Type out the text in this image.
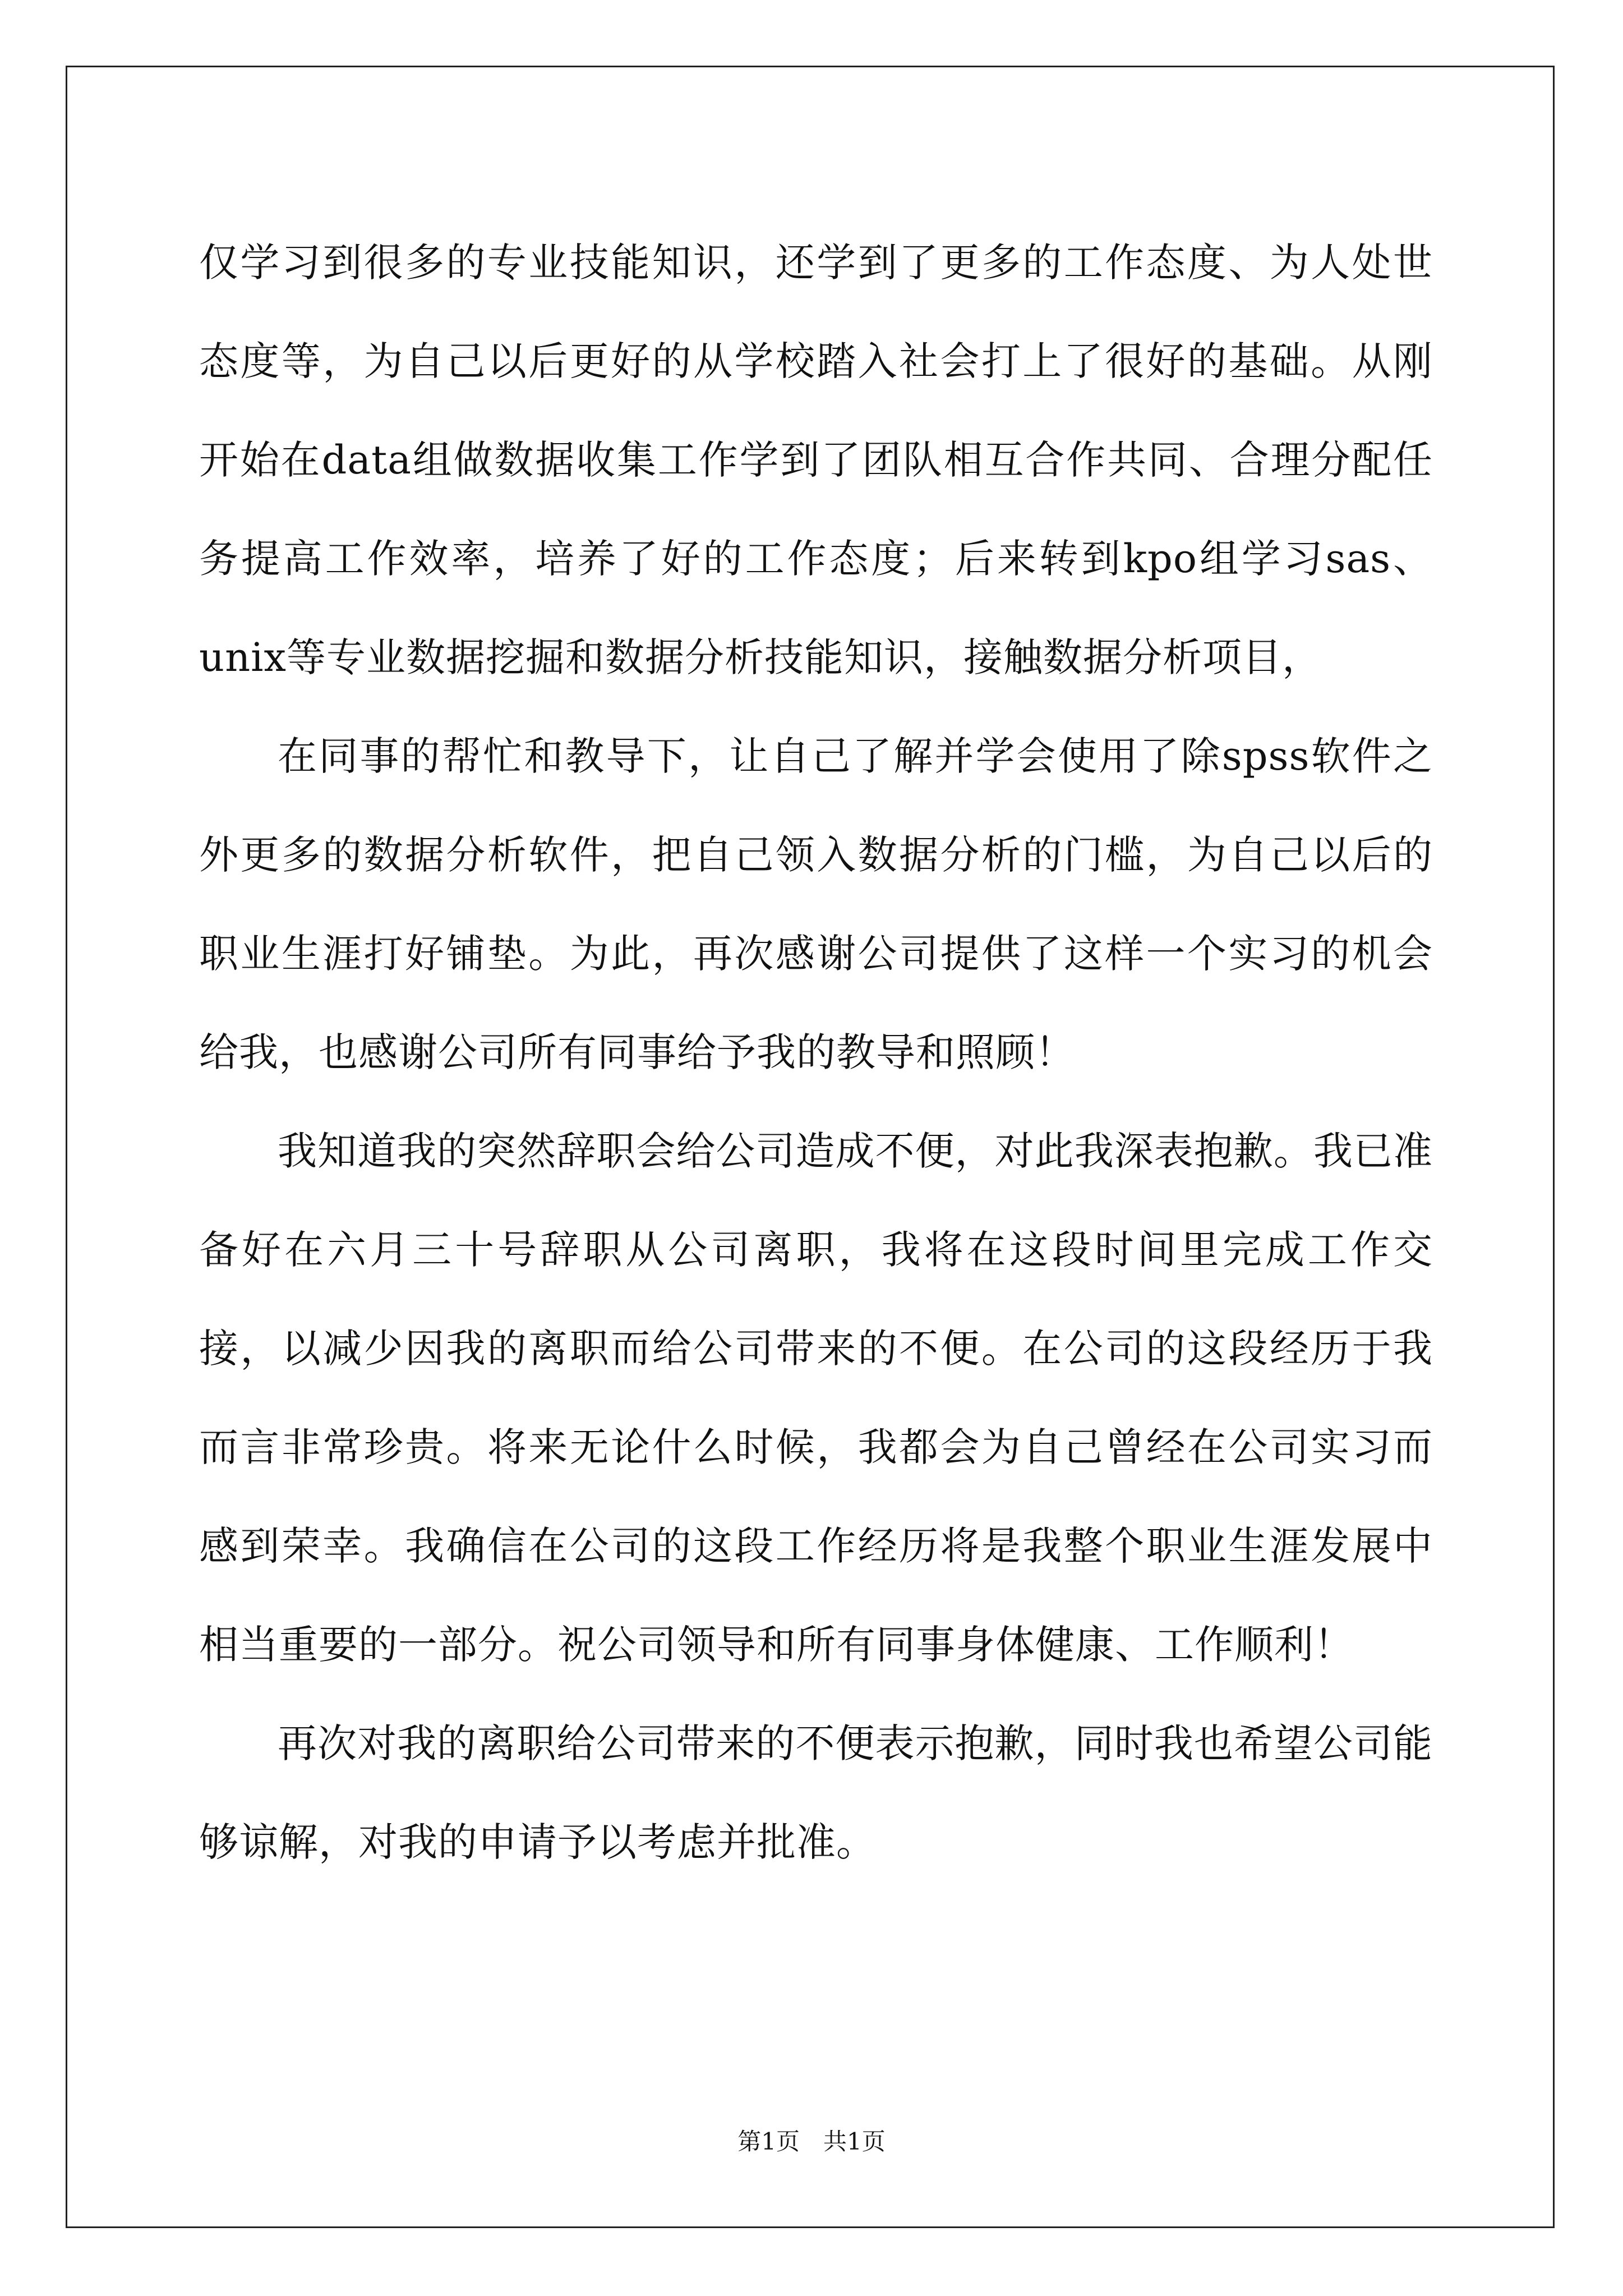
仅学习到很多的专业技能知识，还学到了更多的工作态度、为人处世态度等，为自己以后更好的从学校踏入社会打上了很好的基础。从刚开始在data组做数据收集工作学到了团队相互合作共同、合理分配任务提高工作效率，培养了好的工作态度；后来转到kpo组学习sas、unix等专业数据挖掘和数据分析技能知识，接触数据分析项目，

在同事的帮忙和教导下，让自己了解并学会使用了除spss软件之外更多的数据分析软件，把自己领入数据分析的门槛，为自己以后的职业生涯打好铺垫。为此，再次感谢公司提供了这样一个实习的机会给我，也感谢公司所有同事给予我的教导和照顾！

我知道我的突然辞职会给公司造成不便，对此我深表抱歉。我已准备好在六月三十号辞职从公司离职，我将在这段时间里完成工作交接，以减少因我的离职而给公司带来的不便。在公司的这段经历于我而言非常珍贵。将来无论什么时候，我都会为自己曾经在公司实习而感到荣幸。我确信在公司的这段工作经历将是我整个职业生涯发展中相当重要的一部分。祝公司领导和所有同事身体健康、工作顺利！

再次对我的离职给公司带来的不便表示抱歉，同时我也希望公司能够谅解，对我的申请予以考虑并批准。

第1页　共1页
